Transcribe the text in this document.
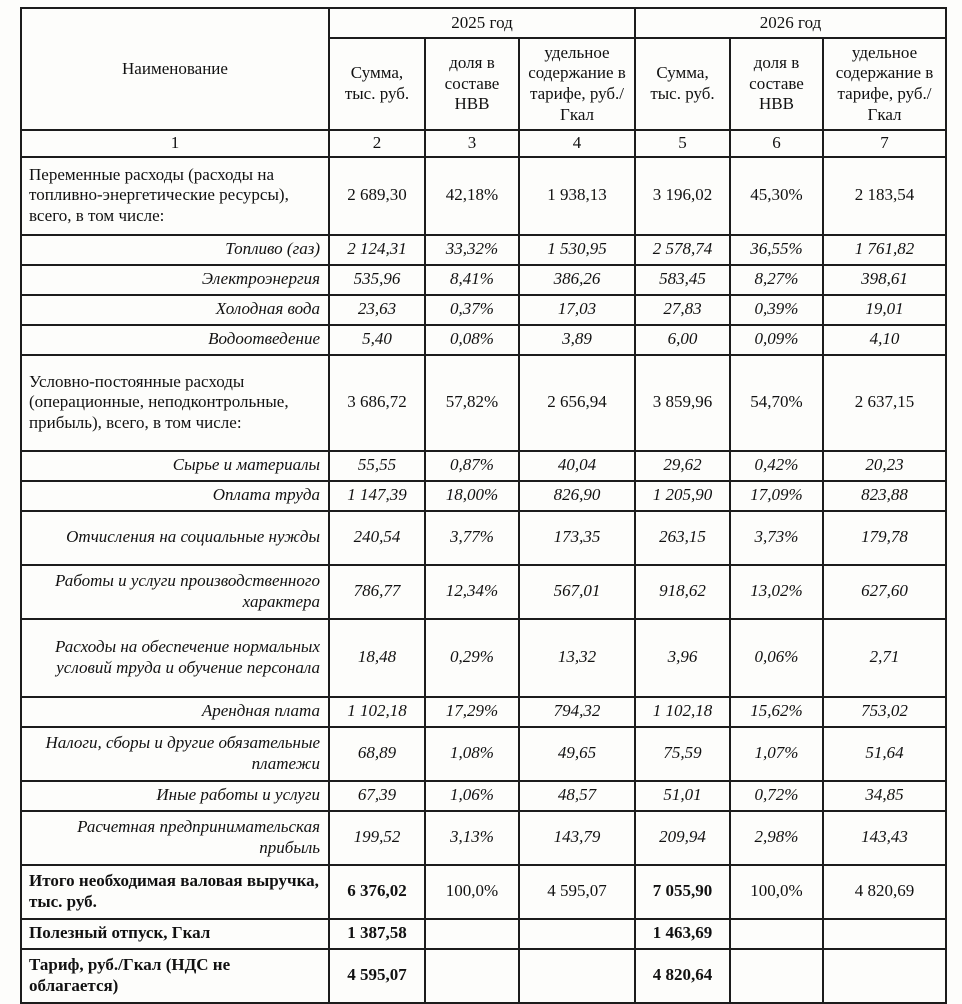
Наименование	2025 год			2026 год		
	Сумма, тыс. руб.	доля в составе НВВ	удельное содержание в тарифе, руб./Гкал	Сумма, тыс. руб.	доля в составе НВВ	удельное содержание в тарифе, руб./Гкал
1	2	3	4	5	6	7
Переменные расходы (расходы на топливно-энергетические ресурсы), всего, в том числе:	2 689,30	42,18%	1 938,13	3 196,02	45,30%	2 183,54
Топливо (газ)	2 124,31	33,32%	1 530,95	2 578,74	36,55%	1 761,82
Электроэнергия	535,96	8,41%	386,26	583,45	8,27%	398,61
Холодная вода	23,63	0,37%	17,03	27,83	0,39%	19,01
Водоотведение	5,40	0,08%	3,89	6,00	0,09%	4,10
Условно-постоянные расходы (операционные, неподконтрольные, прибыль), всего, в том числе:	3 686,72	57,82%	2 656,94	3 859,96	54,70%	2 637,15
Сырье и материалы	55,55	0,87%	40,04	29,62	0,42%	20,23
Оплата труда	1 147,39	18,00%	826,90	1 205,90	17,09%	823,88
Отчисления на социальные нужды	240,54	3,77%	173,35	263,15	3,73%	179,78
Работы и услуги производственного характера	786,77	12,34%	567,01	918,62	13,02%	627,60
Расходы на обеспечение нормальных условий труда и обучение персонала	18,48	0,29%	13,32	3,96	0,06%	2,71
Арендная плата	1 102,18	17,29%	794,32	1 102,18	15,62%	753,02
Налоги, сборы и другие обязательные платежи	68,89	1,08%	49,65	75,59	1,07%	51,64
Иные работы и услуги	67,39	1,06%	48,57	51,01	0,72%	34,85
Расчетная предпринимательская прибыль	199,52	3,13%	143,79	209,94	2,98%	143,43
Итого необходимая валовая выручка, тыс. руб.	6 376,02	100,0%	4 595,07	7 055,90	100,0%	4 820,69
Полезный отпуск, Гкал	1 387,58			1 463,69		
Тариф, руб./Гкал (НДС не облагается)	4 595,07			4 820,64		
